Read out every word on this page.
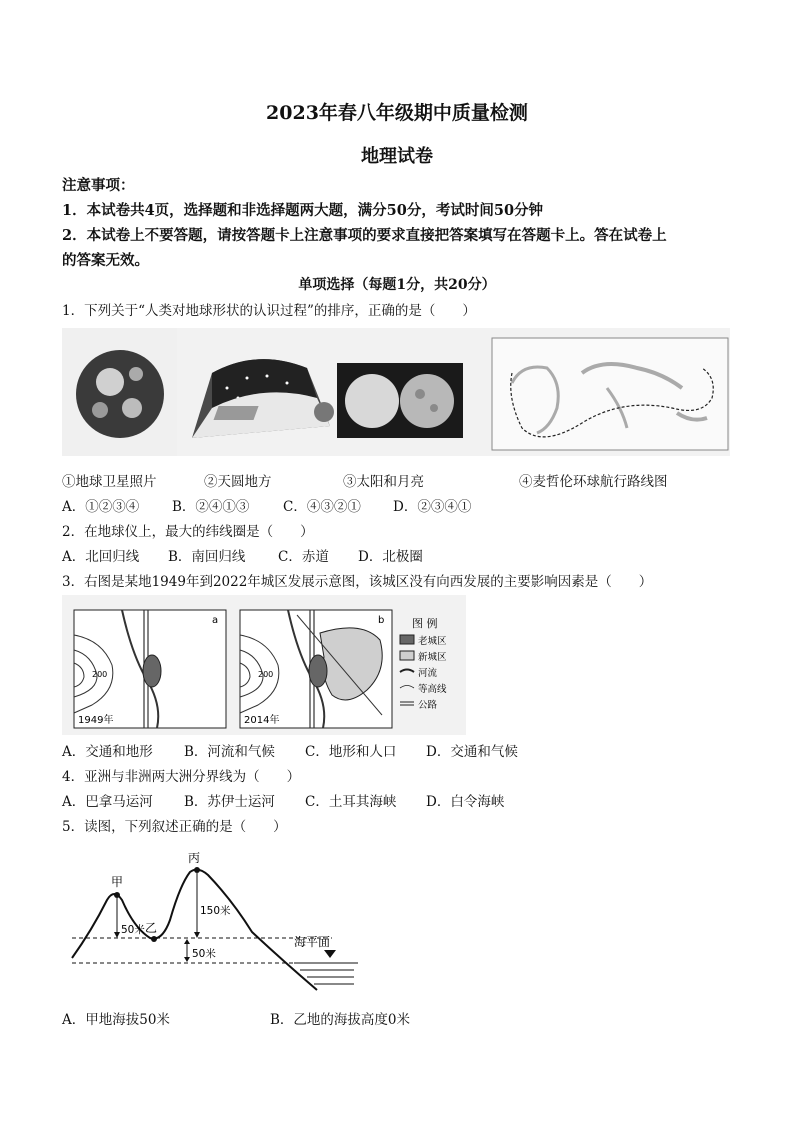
2023年春八年级期中质量检测
地理试卷
注意事项：
1．本试卷共4页，选择题和非选择题两大题，满分50分，考试时间50分钟
2．本试卷上不要答题，请按答题卡上注意事项的要求直接把答案填写在答题卡上。答在试卷上
的答案无效。
单项选择（每题1分，共20分）
1．下列关于“人类对地球形状的认识过程”的排序，正确的是（　　）
①地球卫星照片	②天圆地方	③太阳和月亮	④麦哲伦环球航行路线图
A．①②③④ B．②④①③ C．④③②① D．②③④①
2．在地球仪上，最大的纬线圈是（　　）
A．北回归线 B．南回归线 C．赤道 D．北极圈
3．右图是某地1949年到2022年城区发展示意图，该城区没有向西发展的主要影响因素是（　　）
a
1949年
200
b
2014年
200
图 例
老城区
新城区
河流
等高线
公路
A．交通和地形 B．河流和气候 C．地形和人口 D．交通和气候
4．亚洲与非洲两大洲分界线为（　　）
A．巴拿马运河 B．苏伊士运河 C．土耳其海峡 D．白令海峡
5．读图，下列叙述正确的是（　　）
甲
乙
丙
150米
50米
50米
海平面
A．甲地海拔50米	B．乙地的海拔高度0米
